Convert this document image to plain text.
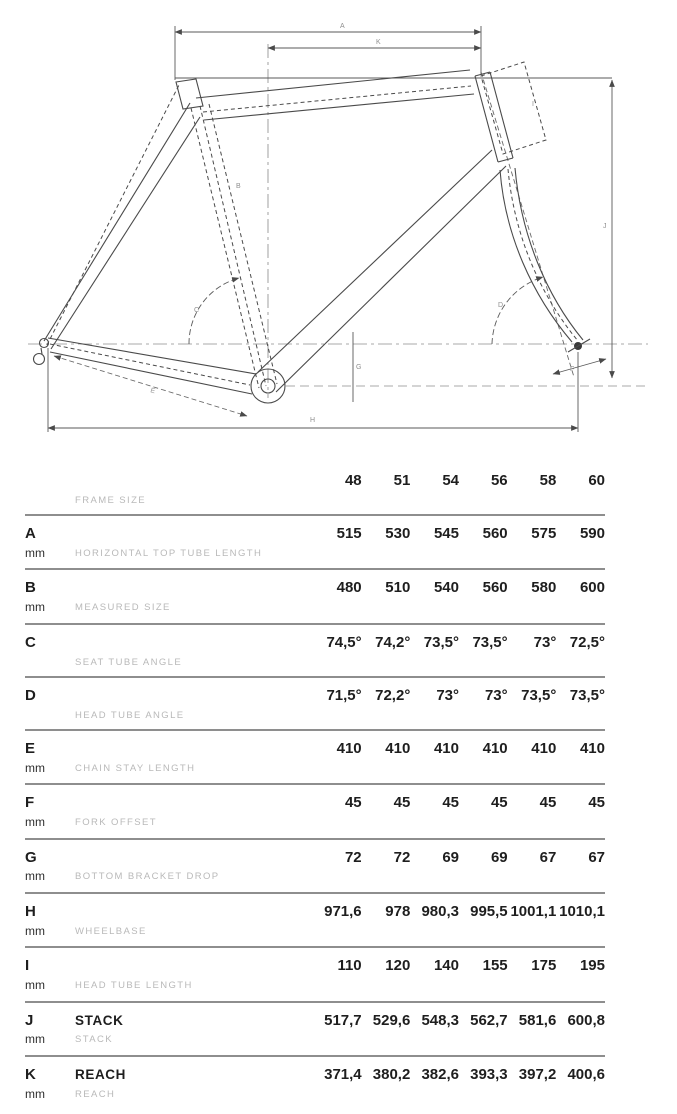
A
K
B
C
D
E
F
G
H
I
J
FRAME SIZE
48	51	54	56	58	60
A
mm	HORIZONTAL TOP TUBE LENGTH
515	530	545	560	575	590
B
mm	MEASURED SIZE
480	510	540	560	580	600
C
SEAT TUBE ANGLE
74,5° 74,2° 73,5° 73,5°	73° 72,5°
D
HEAD TUBE ANGLE
71,5° 72,2°	73°	73° 73,5° 73,5°
E
mm	CHAIN STAY LENGTH
410	410	410	410	410	410
F
mm	FORK OFFSET
45	45	45	45	45	45
G
mm	BOTTOM BRACKET DROP
72	72	69	69	67	67
H
mm	WHEELBASE
971,6	978 980,3 995,5 1001,1 1010,1
I
mm	HEAD TUBE LENGTH
110	120	140	155	175	195
J	STACK
mm	STACK
517,7 529,6 548,3 562,7 581,6 600,8
K	REACH
mm	REACH
371,4 380,2 382,6 393,3 397,2 400,6
